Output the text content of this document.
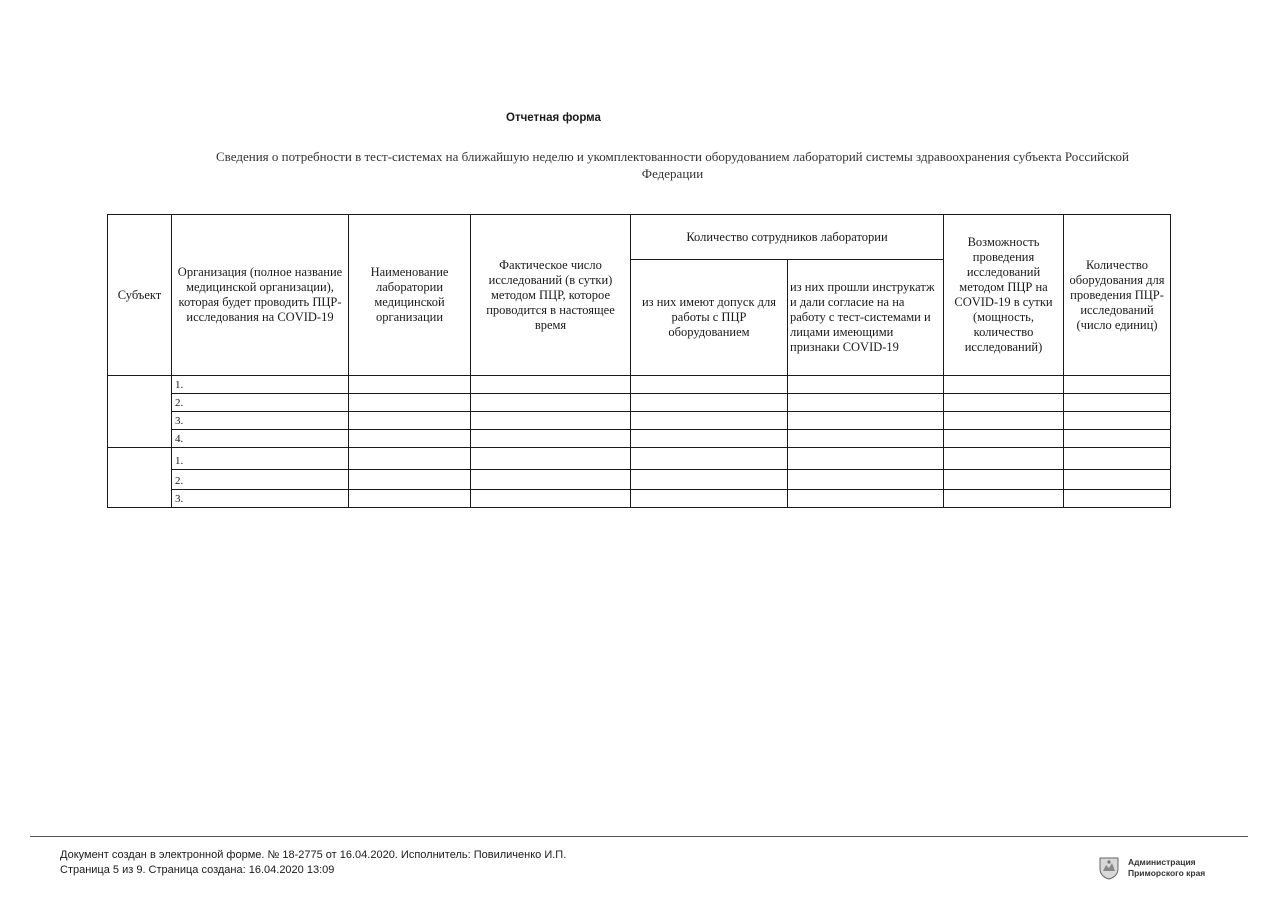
Отчетная форма
Сведения о потребности в тест-системах на ближайшую неделю и укомплектованности оборудованием лабораторий системы здравоохранения субъекта Российской Федерации
Субъект	Организация (полное название медицинской организации), которая будет проводить ПЦР-исследования на COVID-19	Наименование лаборатории медицинской организации	Фактическое число исследований (в сутки) методом ПЦР, которое проводится в настоящее время	Количество сотрудников лаборатории		Возможность проведения исследований методом ПЦР на COVID-19 в сутки (мощность, количество исследований)	Количество оборудования для проведения ПЦР-исследований (число единиц)
				из них имеют допуск для работы с ПЦР оборудованием	из них прошли инструкатж и дали согласие на на работу с тест-системами и лицами имеющими признаки COVID-19		
	1.						
	2.						
	3.						
	4.						
	1.						
	2.						
	3.						
Документ создан в электронной форме. № 18-2775 от 16.04.2020. Исполнитель: Повиличенко И.П.
Страница 5 из 9. Страница создана: 16.04.2020 13:09
Администрация
Приморского края
